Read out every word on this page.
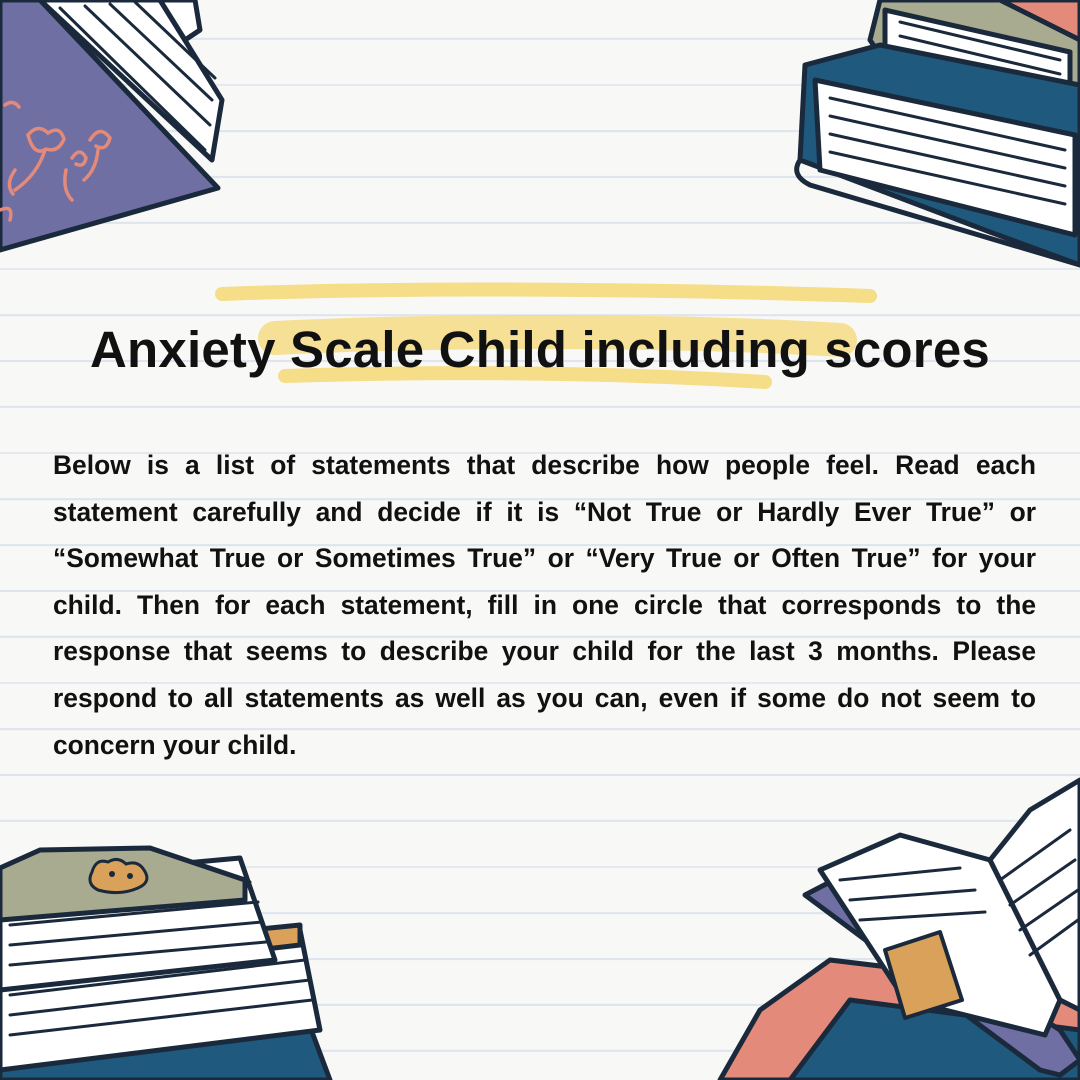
Anxiety Scale Child including scores

Below is a list of statements that describe how people feel. Read each statement carefully and decide if it is “Not True or Hardly Ever True” or “Somewhat True or Sometimes True” or “Very True or Often True” for your child. Then for each statement, fill in one circle that corresponds to the response that seems to describe your child for the last 3 months. Please respond to all statements as well as you can, even if some do not seem to concern your child.
